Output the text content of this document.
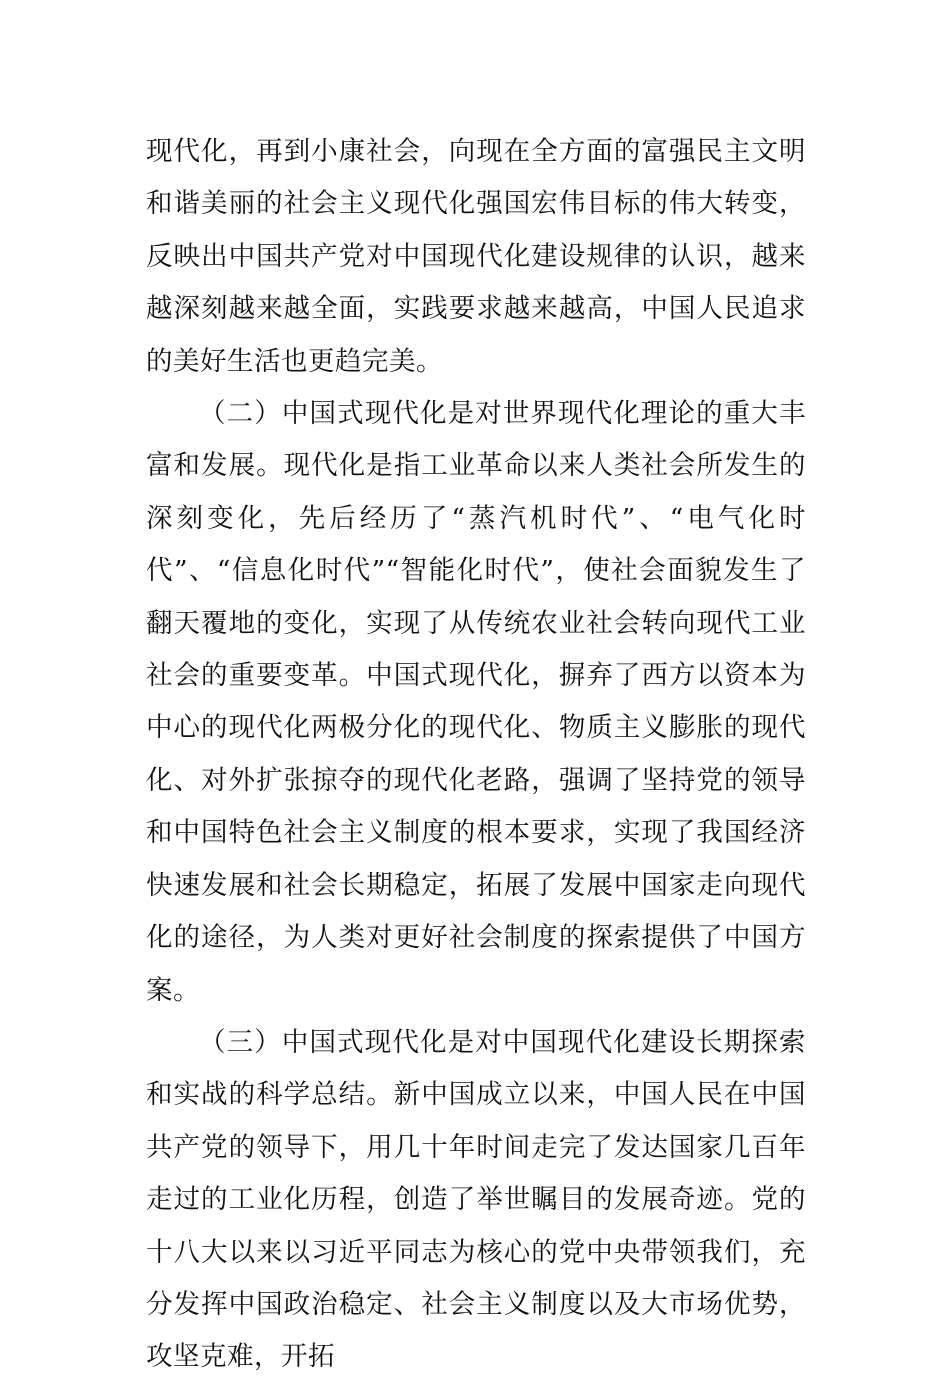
现代化，再到小康社会，向现在全方面的富强民主文明和谐美丽的社会主义现代化强国宏伟目标的伟大转变，反映出中国共产党对中国现代化建设规律的认识，越来越深刻越来越全面，实践要求越来越高，中国人民追求的美好生活也更趋完美。

（二）中国式现代化是对世界现代化理论的重大丰富和发展。现代化是指工业革命以来人类社会所发生的深刻变化，先后经历了“蒸汽机时代”、“电气化时代”、“信息化时代”“智能化时代”，使社会面貌发生了翻天覆地的变化，实现了从传统农业社会转向现代工业社会的重要变革。中国式现代化，摒弃了西方以资本为中心的现代化两极分化的现代化、物质主义膨胀的现代化、对外扩张掠夺的现代化老路，强调了坚持党的领导和中国特色社会主义制度的根本要求，实现了我国经济快速发展和社会长期稳定，拓展了发展中国家走向现代化的途径，为人类对更好社会制度的探索提供了中国方案。

（三）中国式现代化是对中国现代化建设长期探索和实战的科学总结。新中国成立以来，中国人民在中国共产党的领导下，用几十年时间走完了发达国家几百年走过的工业化历程，创造了举世瞩目的发展奇迹。党的十八大以来以习近平同志为核心的党中央带领我们，充分发挥中国政治稳定、社会主义制度以及大市场优势，攻坚克难，开拓
